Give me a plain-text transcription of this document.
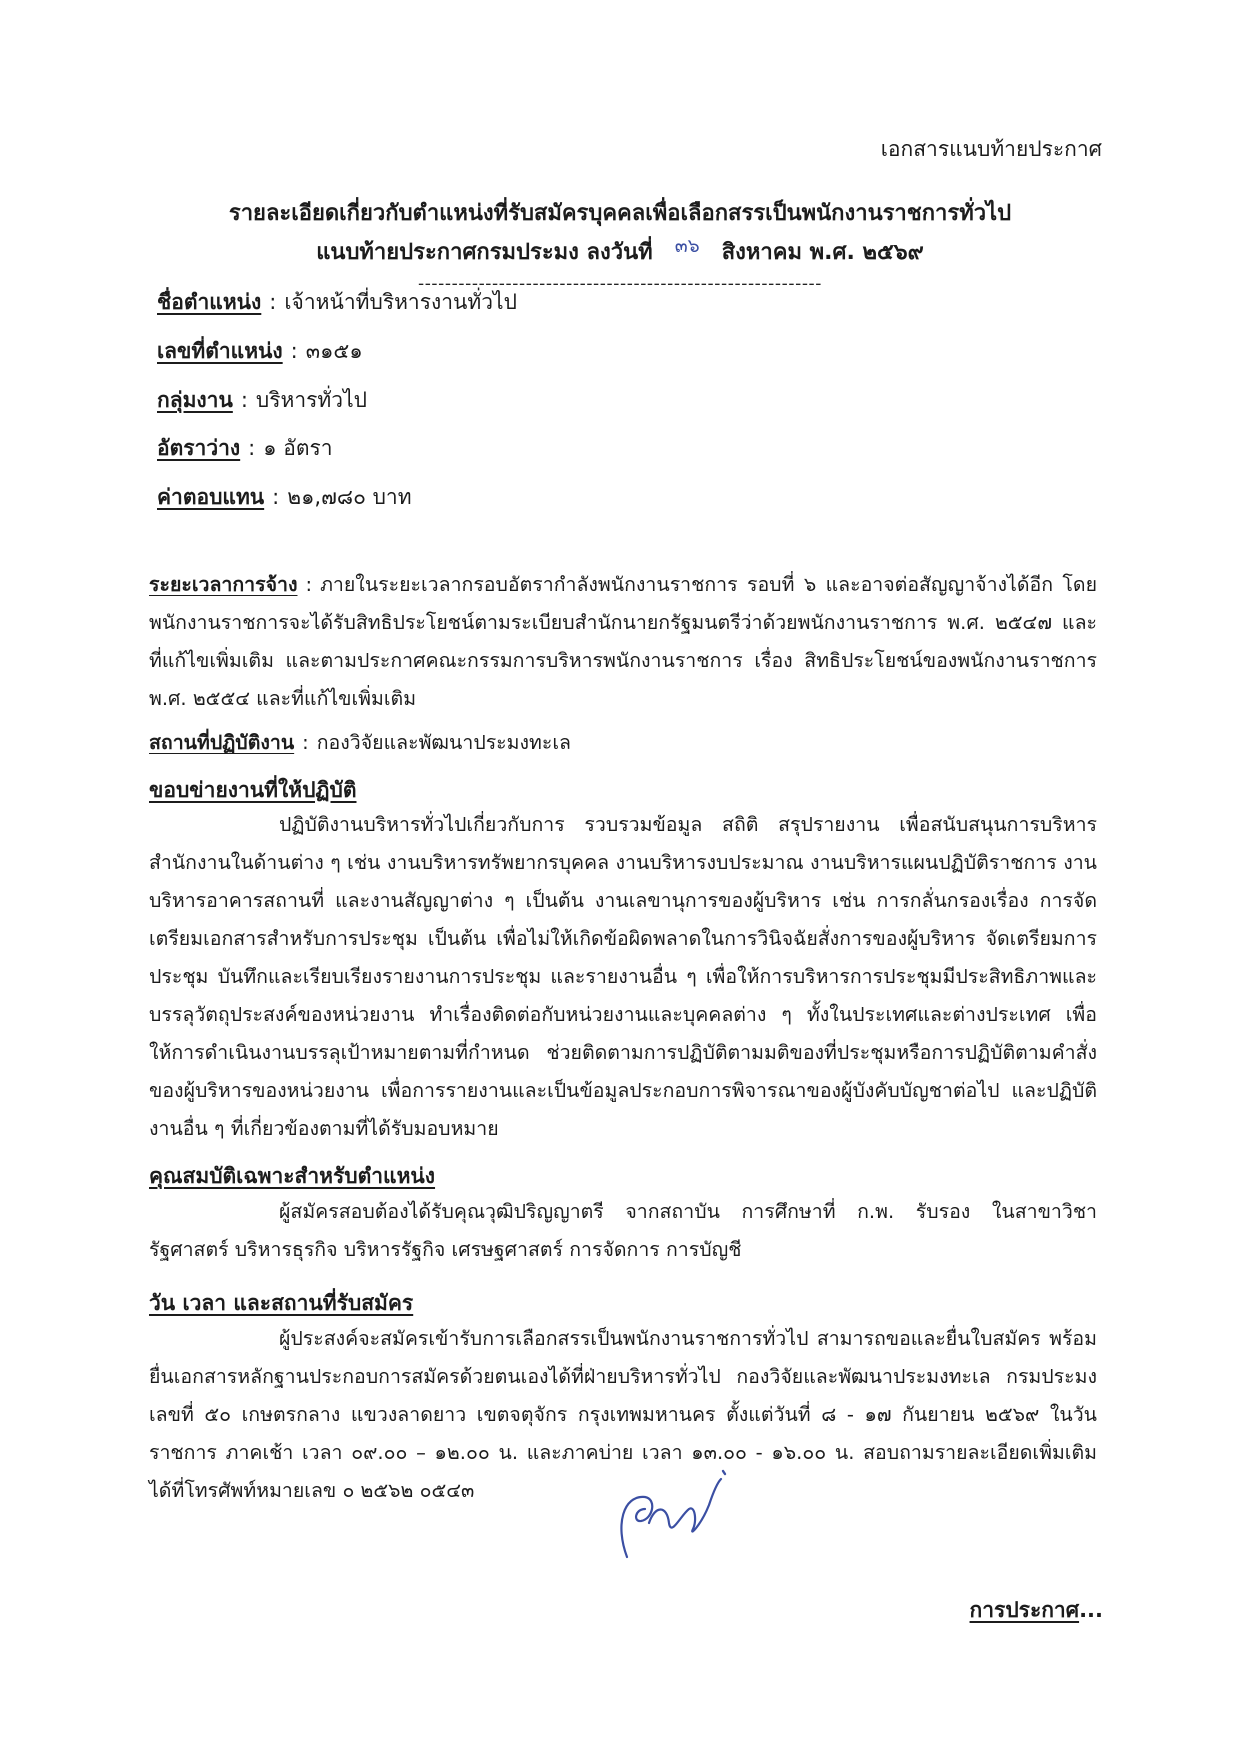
เอกสารแนบท้ายประกาศ
รายละเอียดเกี่ยวกับตำแหน่งที่รับสมัครบุคคลเพื่อเลือกสรรเป็นพนักงานราชการทั่วไป
แนบท้ายประกาศกรมประมง ลงวันที่ ๓๖ สิงหาคม พ.ศ. ๒๕๖๙
------------------------------------------------------------
ชื่อตำแหน่ง : เจ้าหน้าที่บริหารงานทั่วไป
เลขที่ตำแหน่ง : ๓๑๕๑
กลุ่มงาน : บริหารทั่วไป
อัตราว่าง : ๑ อัตรา
ค่าตอบแทน : ๒๑,๗๘๐ บาท
ระยะเวลาการจ้าง : ภายในระยะเวลากรอบอัตรากำลังพนักงานราชการ รอบที่ ๖ และอาจต่อสัญญาจ้างได้อีก โดยพนักงานราชการจะได้รับสิทธิประโยชน์ตามระเบียบสำนักนายกรัฐมนตรีว่าด้วยพนักงานราชการ พ.ศ. ๒๕๔๗ และที่แก้ไขเพิ่มเติม และตามประกาศคณะกรรมการบริหารพนักงานราชการ เรื่อง สิทธิประโยชน์ของพนักงานราชการ พ.ศ. ๒๕๕๔ และที่แก้ไขเพิ่มเติม
สถานที่ปฏิบัติงาน : กองวิจัยและพัฒนาประมงทะเล
ขอบข่ายงานที่ให้ปฏิบัติ
ปฏิบัติงานบริหารทั่วไปเกี่ยวกับการ รวบรวมข้อมูล สถิติ สรุปรายงาน เพื่อสนับสนุนการบริหารสำนักงานในด้านต่าง ๆ เช่น งานบริหารทรัพยากรบุคคล งานบริหารงบประมาณ งานบริหารแผนปฏิบัติราชการ งานบริหารอาคารสถานที่ และงานสัญญาต่าง ๆ เป็นต้น งานเลขานุการของผู้บริหาร เช่น การกลั่นกรองเรื่อง การจัดเตรียมเอกสารสำหรับการประชุม เป็นต้น เพื่อไม่ให้เกิดข้อผิดพลาดในการวินิจฉัยสั่งการของผู้บริหาร จัดเตรียมการประชุม บันทึกและเรียบเรียงรายงานการประชุม และรายงานอื่น ๆ เพื่อให้การบริหารการประชุมมีประสิทธิภาพและบรรลุวัตถุประสงค์ของหน่วยงาน ทำเรื่องติดต่อกับหน่วยงานและบุคคลต่าง ๆ ทั้งในประเทศและต่างประเทศ เพื่อให้การดำเนินงานบรรลุเป้าหมายตามที่กำหนด ช่วยติดตามการปฏิบัติตามมติของที่ประชุมหรือการปฏิบัติตามคำสั่งของผู้บริหารของหน่วยงาน เพื่อการรายงานและเป็นข้อมูลประกอบการพิจารณาของผู้บังคับบัญชาต่อไป และปฏิบัติงานอื่น ๆ ที่เกี่ยวข้องตามที่ได้รับมอบหมาย
คุณสมบัติเฉพาะสำหรับตำแหน่ง
ผู้สมัครสอบต้องได้รับคุณวุฒิปริญญาตรี จากสถาบัน การศึกษาที่ ก.พ. รับรอง ในสาขาวิชารัฐศาสตร์ บริหารธุรกิจ บริหารรัฐกิจ เศรษฐศาสตร์ การจัดการ การบัญชี
วัน เวลา และสถานที่รับสมัคร
ผู้ประสงค์จะสมัครเข้ารับการเลือกสรรเป็นพนักงานราชการทั่วไป สามารถขอและยื่นใบสมัคร พร้อมยื่นเอกสารหลักฐานประกอบการสมัครด้วยตนเองได้ที่ฝ่ายบริหารทั่วไป กองวิจัยและพัฒนาประมงทะเล กรมประมง เลขที่ ๕๐ เกษตรกลาง แขวงลาดยาว เขตจตุจักร กรุงเทพมหานคร ตั้งแต่วันที่ ๘ - ๑๗ กันยายน ๒๕๖๙ ในวันราชการ ภาคเช้า เวลา ๐๙.๐๐ – ๑๒.๐๐ น. และภาคบ่าย เวลา ๑๓.๐๐ - ๑๖.๐๐ น. สอบถามรายละเอียดเพิ่มเติม ได้ที่โทรศัพท์หมายเลข ๐ ๒๕๖๒ ๐๕๔๓
การประกาศ...
